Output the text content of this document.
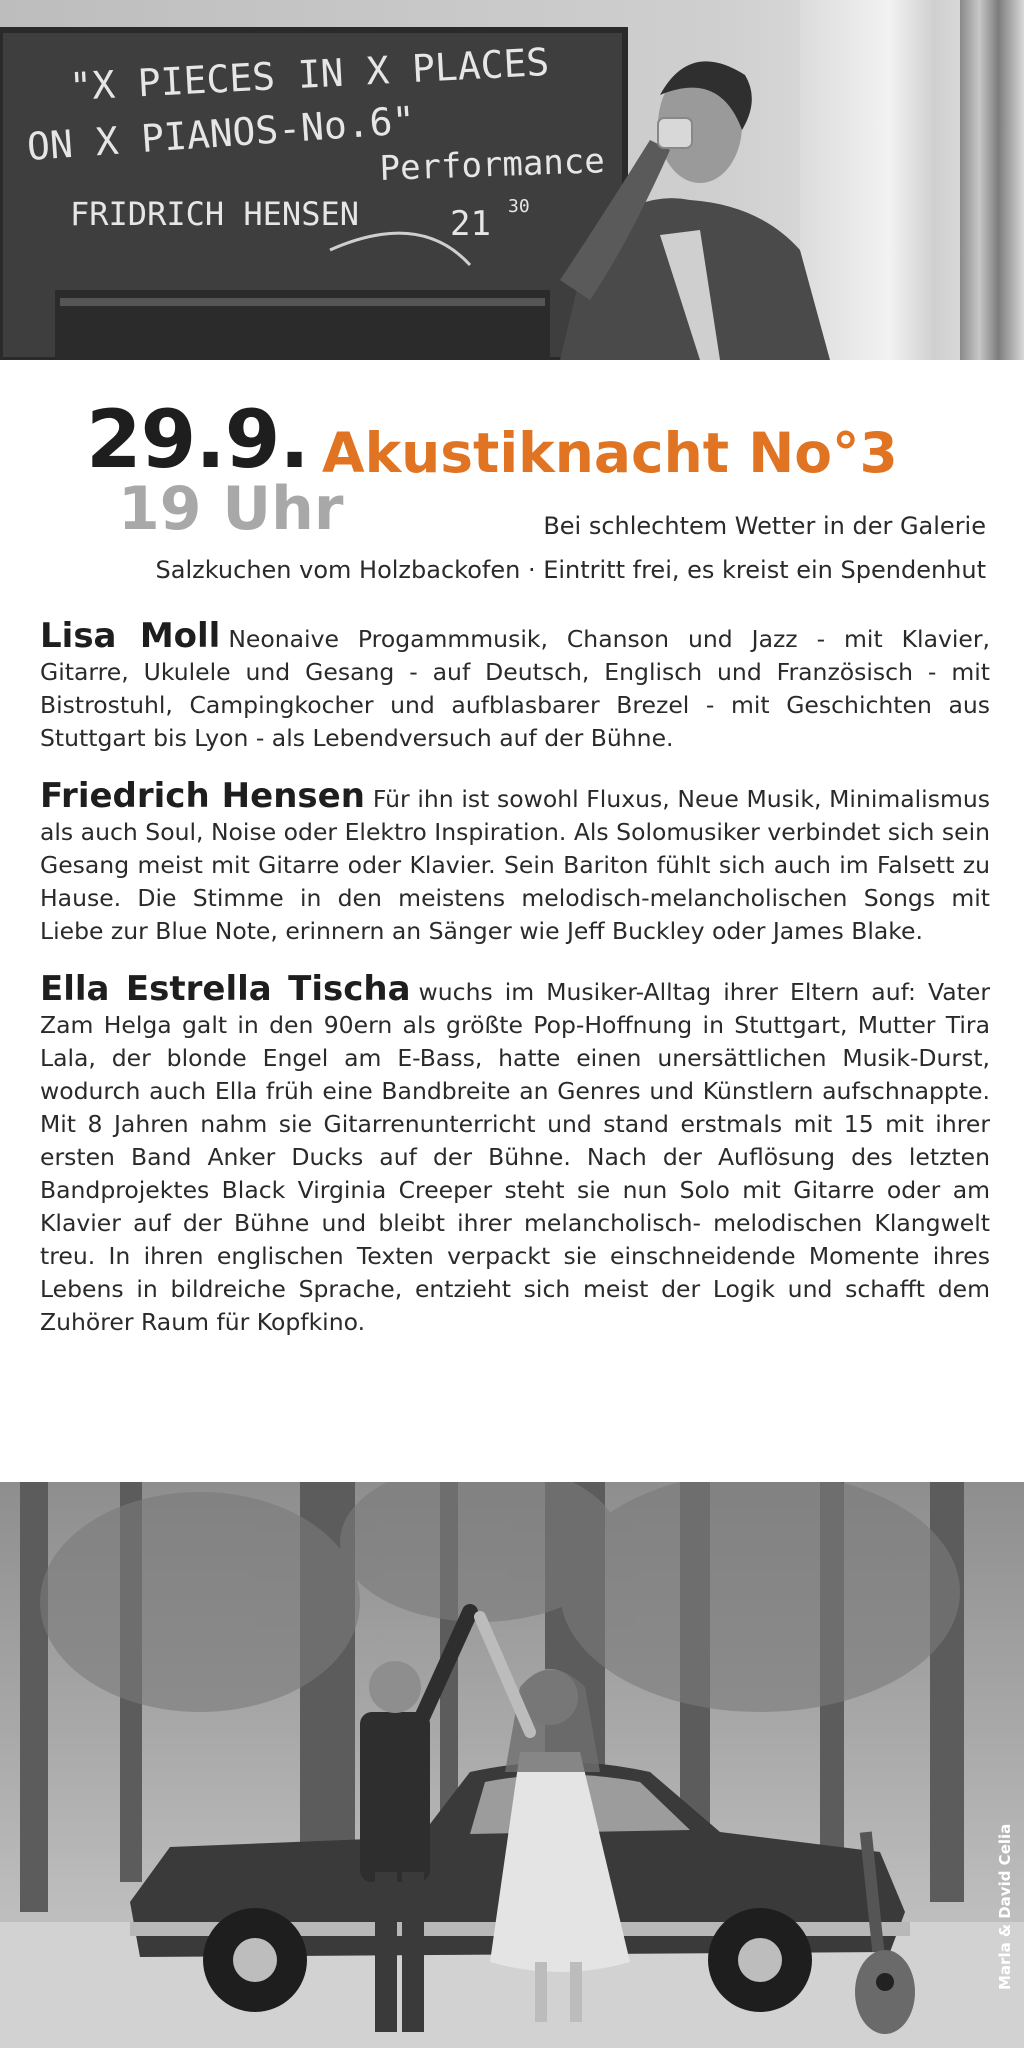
"X PIECES IN X PLACES
ON X PIANOS-No.6"
Performance
FRIDRICH HENSEN	21 30
29.9. Akustiknacht No°3
19 Uhr	Bei schlechtem Wetter in der Galerie
Salzkuchen vom Holzbackofen · Eintritt frei, es kreist ein Spendenhut

Lisa Moll Neonaive Progammmusik, Chanson und Jazz - mit Klavier, Gitarre, Ukulele und Gesang - auf Deutsch, Englisch und Französisch - mit Bistrostuhl, Campingkocher und aufblasbarer Brezel - mit Geschichten aus Stuttgart bis Lyon - als Lebendversuch auf der Bühne.

Friedrich Hensen Für ihn ist sowohl Fluxus, Neue Musik, Minimalismus als auch Soul, Noise oder Elektro Inspiration. Als Solomusiker verbindet sich sein Gesang meist mit Gitarre oder Klavier. Sein Bariton fühlt sich auch im Falsett zu Hause. Die Stimme in den meistens melodisch-melancholischen Songs mit Liebe zur Blue Note, erinnern an Sänger wie Jeff Buckley oder James Blake.

Ella Estrella Tischa wuchs im Musiker-Alltag ihrer Eltern auf: Vater Zam Helga galt in den 90ern als größte Pop-Hoffnung in Stuttgart, Mutter Tira Lala, der blonde Engel am E-Bass, hatte einen unersättlichen Musik-Durst, wodurch auch Ella früh eine Bandbreite an Genres und Künstlern aufschnappte. Mit 8 Jahren nahm sie Gitarrenunterricht und stand erstmals mit 15 mit ihrer ersten Band Anker Ducks auf der Bühne. Nach der Auflösung des letzten Bandprojektes Black Virginia Creeper steht sie nun Solo mit Gitarre oder am Klavier auf der Bühne und bleibt ihrer melancholisch- melodischen Klangwelt treu. In ihren englischen Texten verpackt sie einschneidende Momente ihres Lebens in bildreiche Sprache, entzieht sich meist der Logik und schafft dem Zuhörer Raum für Kopfkino.

Marla & David Celia
